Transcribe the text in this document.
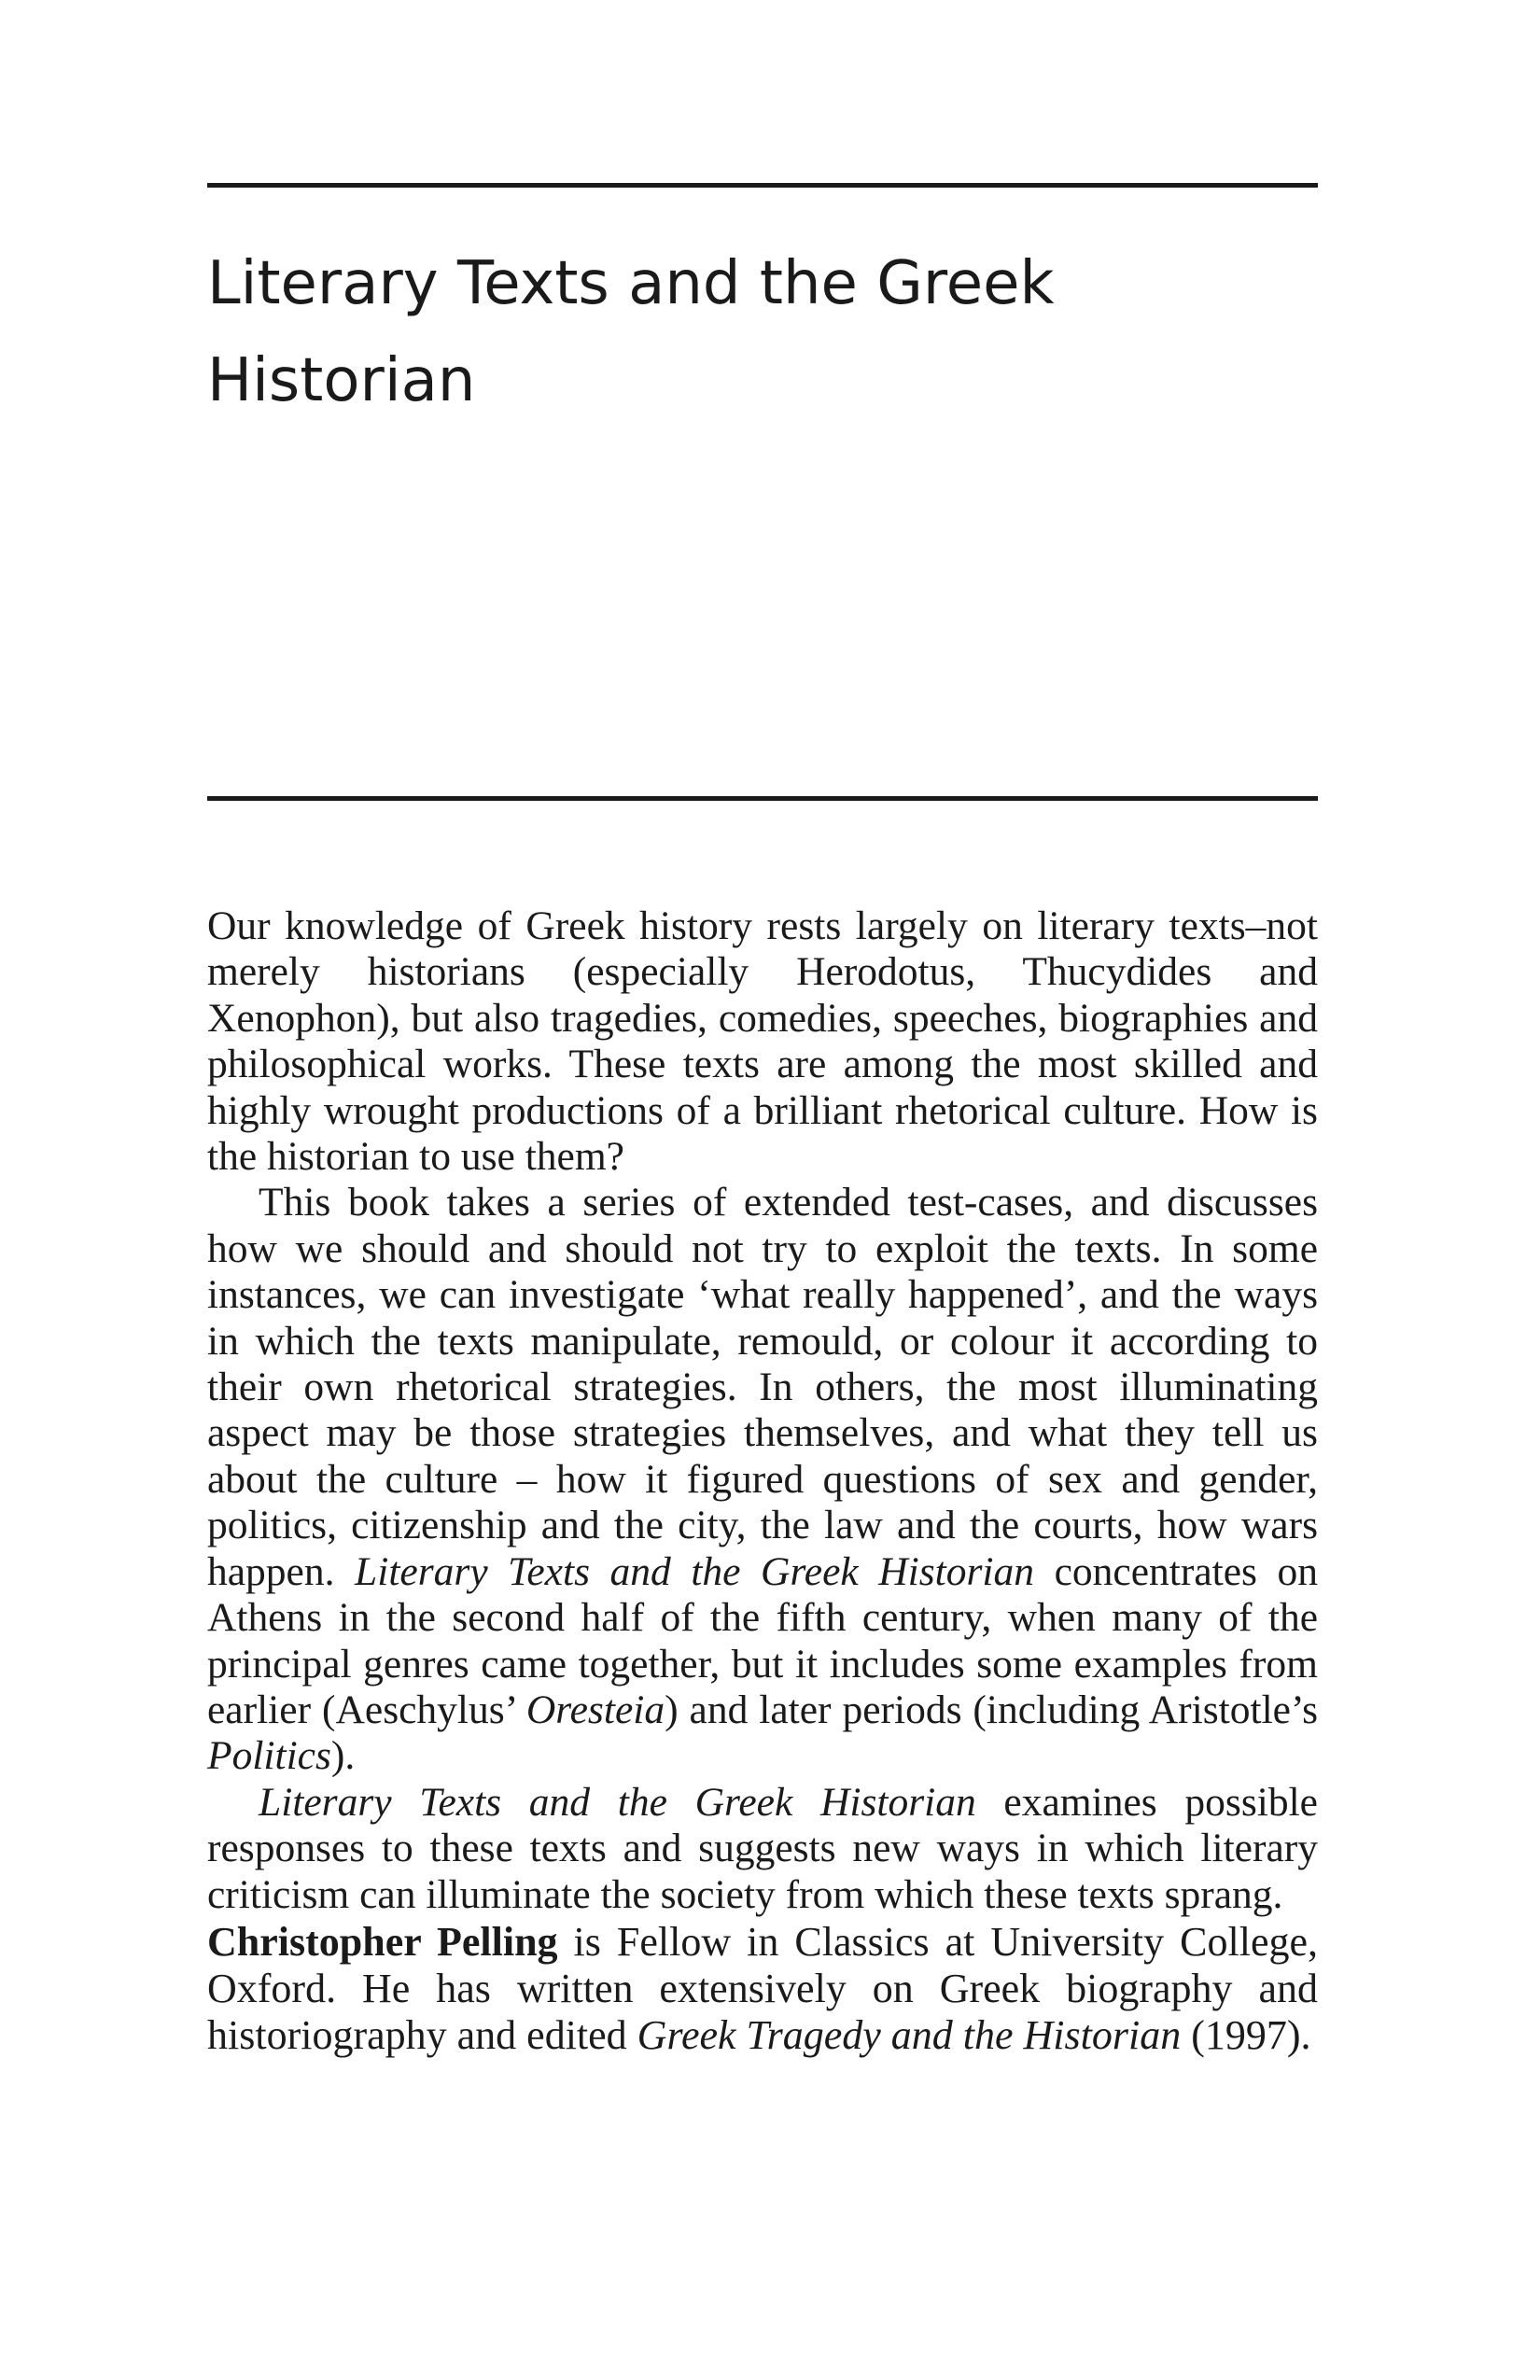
Literary Texts and the Greek
Historian

Our knowledge of Greek history rests largely on literary texts–not merely historians (especially Herodotus, Thucydides and Xenophon), but also tragedies, comedies, speeches, biographies and philosophical works. These texts are among the most skilled and highly wrought productions of a brilliant rhetorical culture. How is the historian to use them?

This book takes a series of extended test-cases, and discusses how we should and should not try to exploit the texts. In some instances, we can investigate ‘what really happened’, and the ways in which the texts manipulate, remould, or colour it according to their own rhetorical strategies. In others, the most illuminating aspect may be those strategies themselves, and what they tell us about the culture – how it figured questions of sex and gender, politics, citizenship and the city, the law and the courts, how wars happen. Literary Texts and the Greek Historian concentrates on Athens in the second half of the fifth century, when many of the principal genres came together, but it includes some examples from earlier (Aeschylus’ Oresteia) and later periods (including Aristotle’s Politics).

Literary Texts and the Greek Historian examines possible responses to these texts and suggests new ways in which literary criticism can illuminate the society from which these texts sprang.

Christopher Pelling is Fellow in Classics at University College, Oxford. He has written extensively on Greek biography and historiography and edited Greek Tragedy and the Historian (1997).
